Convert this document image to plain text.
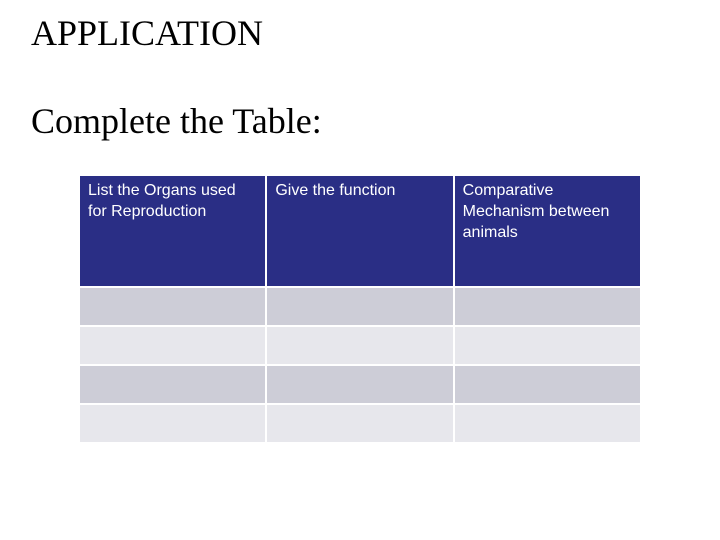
APPLICATION
Complete the Table:
List the Organs used for Reproduction	Give the function	Comparative Mechanism between animals
